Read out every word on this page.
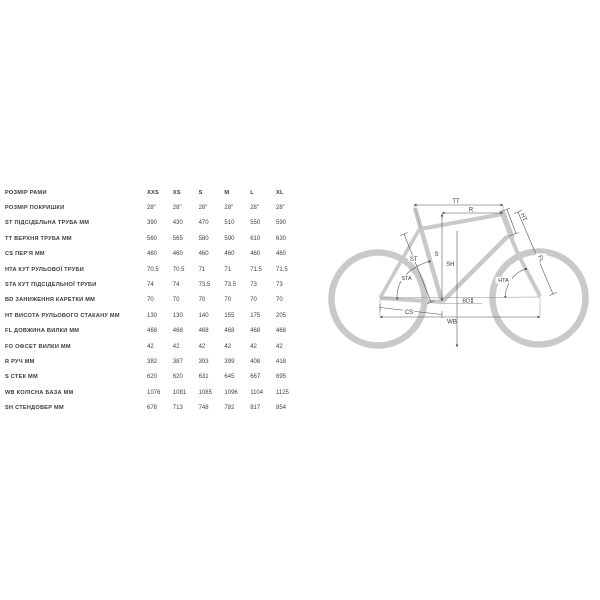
РОЗМІР РАМИ	XXS	XS	S	M	L	XL
РОЗМІР ПОКРИШКИ	28"	28"	28"	28"	28"	28"
ST ПІДСІДЕЛЬНА ТРУБА ММ	390	430	470	510	550	590
TT ВЕРХНЯ ТРУБА ММ	560	565	580	590	610	630
CS ПЕР'Я ММ	460	460	460	460	460	460
HTA КУТ РУЛЬОВОЇ ТРУБИ	70.5	70.5	71	71	71.5	71.5
STA КУТ ПІДСІДЕЛЬНОЇ ТРУБИ	74	74	73.5	73.5	73	73
BD ЗАНИЖЕННЯ КАРЕТКИ ММ	70	70	70	70	70	70
HT ВИСОТА РУЛЬОВОГО СТАКАНУ ММ	130	130	140	155	175	205
FL ДОВЖИНА ВИЛКИ ММ	468	468	468	468	468	468
FO ОФСЕТ ВИЛКИ ММ	42	42	42	42	42	42
R РУЧ ММ	382	387	393	399	408	418
S СТЕК ММ	620	620	631	645	667	695
WB КОЛІСНА БАЗА ММ	1076	1081	1085	1096	1104	1125
SH СТЕНДОВЕР ММ	678	713	748	782	817	854
TT
R
S
SH
WB
BD
ST
CS
STA	HTA
HT
FL
